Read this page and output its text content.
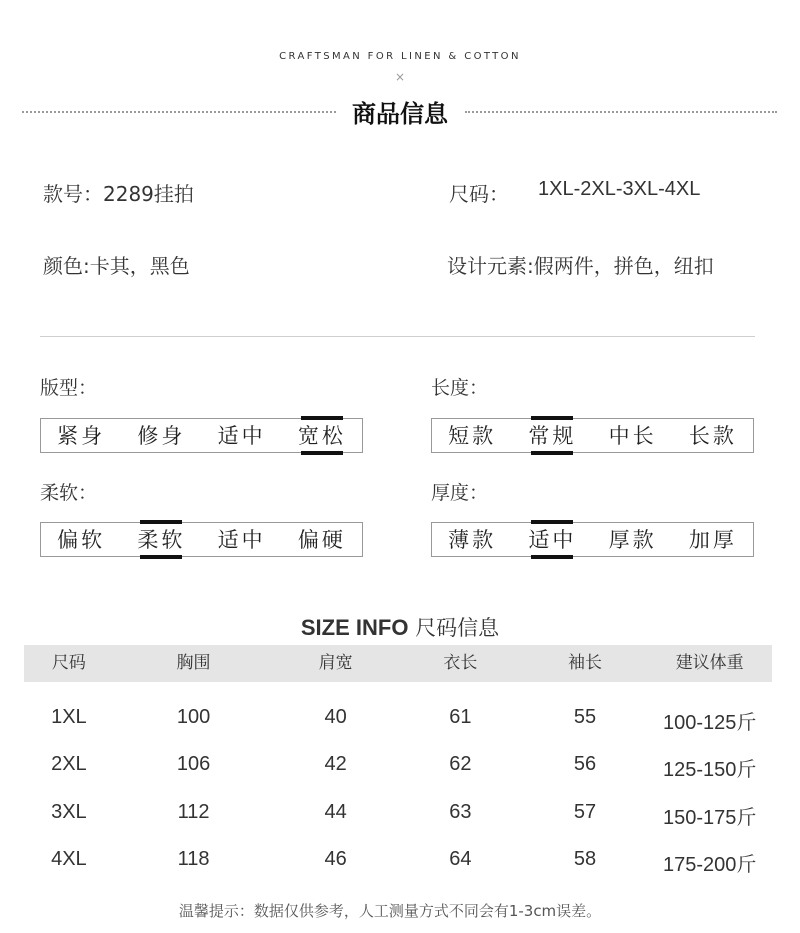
CRAFTSMAN FOR LINEN & COTTON
×
商品信息
款号：2289挂拍	尺码： 1XL-2XL-3XL-4XL
颜色:卡其，黑色	设计元素:假两件，拼色，纽扣
版型：
紧身	修身	适中	宽松
长度：
短款	常规	中长	长款
柔软：
偏软	柔软	适中	偏硬
厚度：
薄款	适中	厚款	加厚
SIZE INFO 尺码信息
尺码	胸围	肩宽	衣长	袖长	建议体重
1XL	100	40	61	55	100-125斤
2XL	106	42	62	56	125-150斤
3XL	112	44	63	57	150-175斤
4XL	118	46	64	58	175-200斤
温馨提示：数据仅供参考，人工测量方式不同会有1-3cm误差。
